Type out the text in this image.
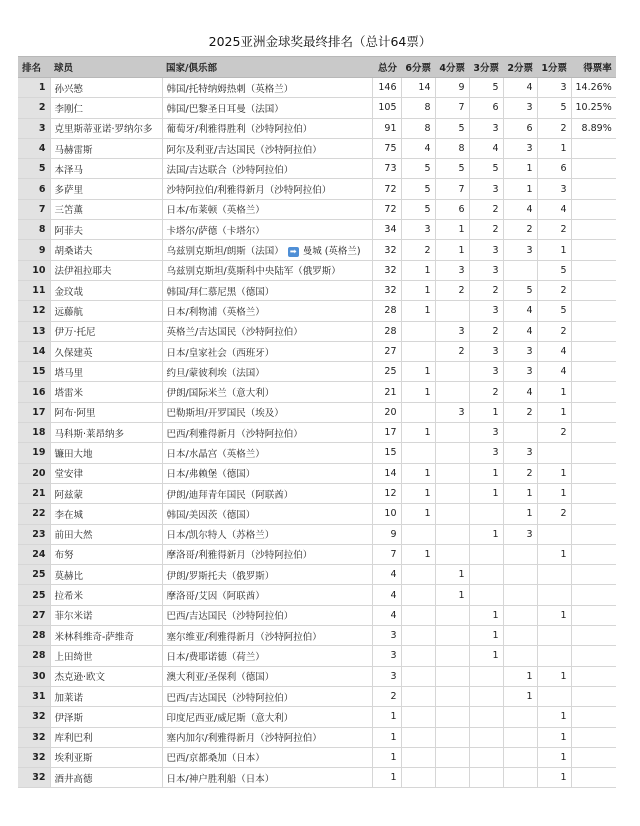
2025亚洲金球奖最终排名（总计64票）
排名	球员	国家/俱乐部	总分	6分票	4分票	3分票	2分票	1分票	得票率
1	孙兴慜	韩国/托特纳姆热刺（英格兰）	146	14	9	5	4	3	14.26%
2	李刚仁	韩国/巴黎圣日耳曼（法国）	105	8	7	6	3	5	10.25%
3	克里斯蒂亚诺·罗纳尔多	葡萄牙/利雅得胜利（沙特阿拉伯）	91	8	5	3	6	2	8.89%
4	马赫雷斯	阿尔及利亚/吉达国民（沙特阿拉伯）	75	4	8	4	3	1	
5	本泽马	法国/吉达联合（沙特阿拉伯）	73	5	5	5	1	6	
6	多萨里	沙特阿拉伯/利雅得新月（沙特阿拉伯）	72	5	7	3	1	3	
7	三笘薫	日本/布莱顿（英格兰）	72	5	6	2	4	4	
8	阿菲夫	卡塔尔/萨德（卡塔尔）	34	3	1	2	2	2	
9	胡桑诺夫	乌兹别克斯坦/朗斯（法国） ➡ 曼城 (英格兰)	32	2	1	3	3	1	
10	法伊祖拉耶夫	乌兹别克斯坦/莫斯科中央陆军（俄罗斯）	32	1	3	3		5	
11	金玟哉	韩国/拜仁慕尼黑（德国）	32	1	2	2	5	2	
12	远藤航	日本/利物浦（英格兰）	28	1		3	4	5	
13	伊万·托尼	英格兰/吉达国民（沙特阿拉伯）	28		3	2	4	2	
14	久保建英	日本/皇家社会（西班牙）	27		2	3	3	4	
15	塔马里	约旦/蒙彼利埃（法国）	25	1		3	3	4	
16	塔雷米	伊朗/国际米兰（意大利）	21	1		2	4	1	
17	阿布·阿里	巴勒斯坦/开罗国民（埃及）	20		3	1	2	1	
18	马科斯·莱昂纳多	巴西/利雅得新月（沙特阿拉伯）	17	1		3		2	
19	镰田大地	日本/水晶宫（英格兰）	15			3	3		
20	堂安律	日本/弗赖堡（德国）	14	1		1	2	1	
21	阿兹蒙	伊朗/迪拜青年国民（阿联酋）	12	1		1	1	1	
22	李在城	韩国/美因茨（德国）	10	1			1	2	
23	前田大然	日本/凯尔特人（苏格兰）	9			1	3		
24	布努	摩洛哥/利雅得新月（沙特阿拉伯）	7	1				1	
25	莫赫比	伊朗/罗斯托夫（俄罗斯）	4		1				
25	拉希米	摩洛哥/艾因（阿联酋）	4		1				
27	菲尔米诺	巴西/吉达国民（沙特阿拉伯）	4			1		1	
28	米林科维奇-萨维奇	塞尔维亚/利雅得新月（沙特阿拉伯）	3			1			
28	上田绮世	日本/费耶诺德（荷兰）	3			1			
30	杰克逊·欧文	澳大利亚/圣保利（德国）	3				1	1	
31	加莱诺	巴西/吉达国民（沙特阿拉伯）	2				1		
32	伊泽斯	印度尼西亚/威尼斯（意大利）	1					1	
32	库利巴利	塞内加尔/利雅得新月（沙特阿拉伯）	1					1	
32	埃利亚斯	巴西/京都桑加（日本）	1					1	
32	酒井高德	日本/神户胜利船（日本）	1					1	
